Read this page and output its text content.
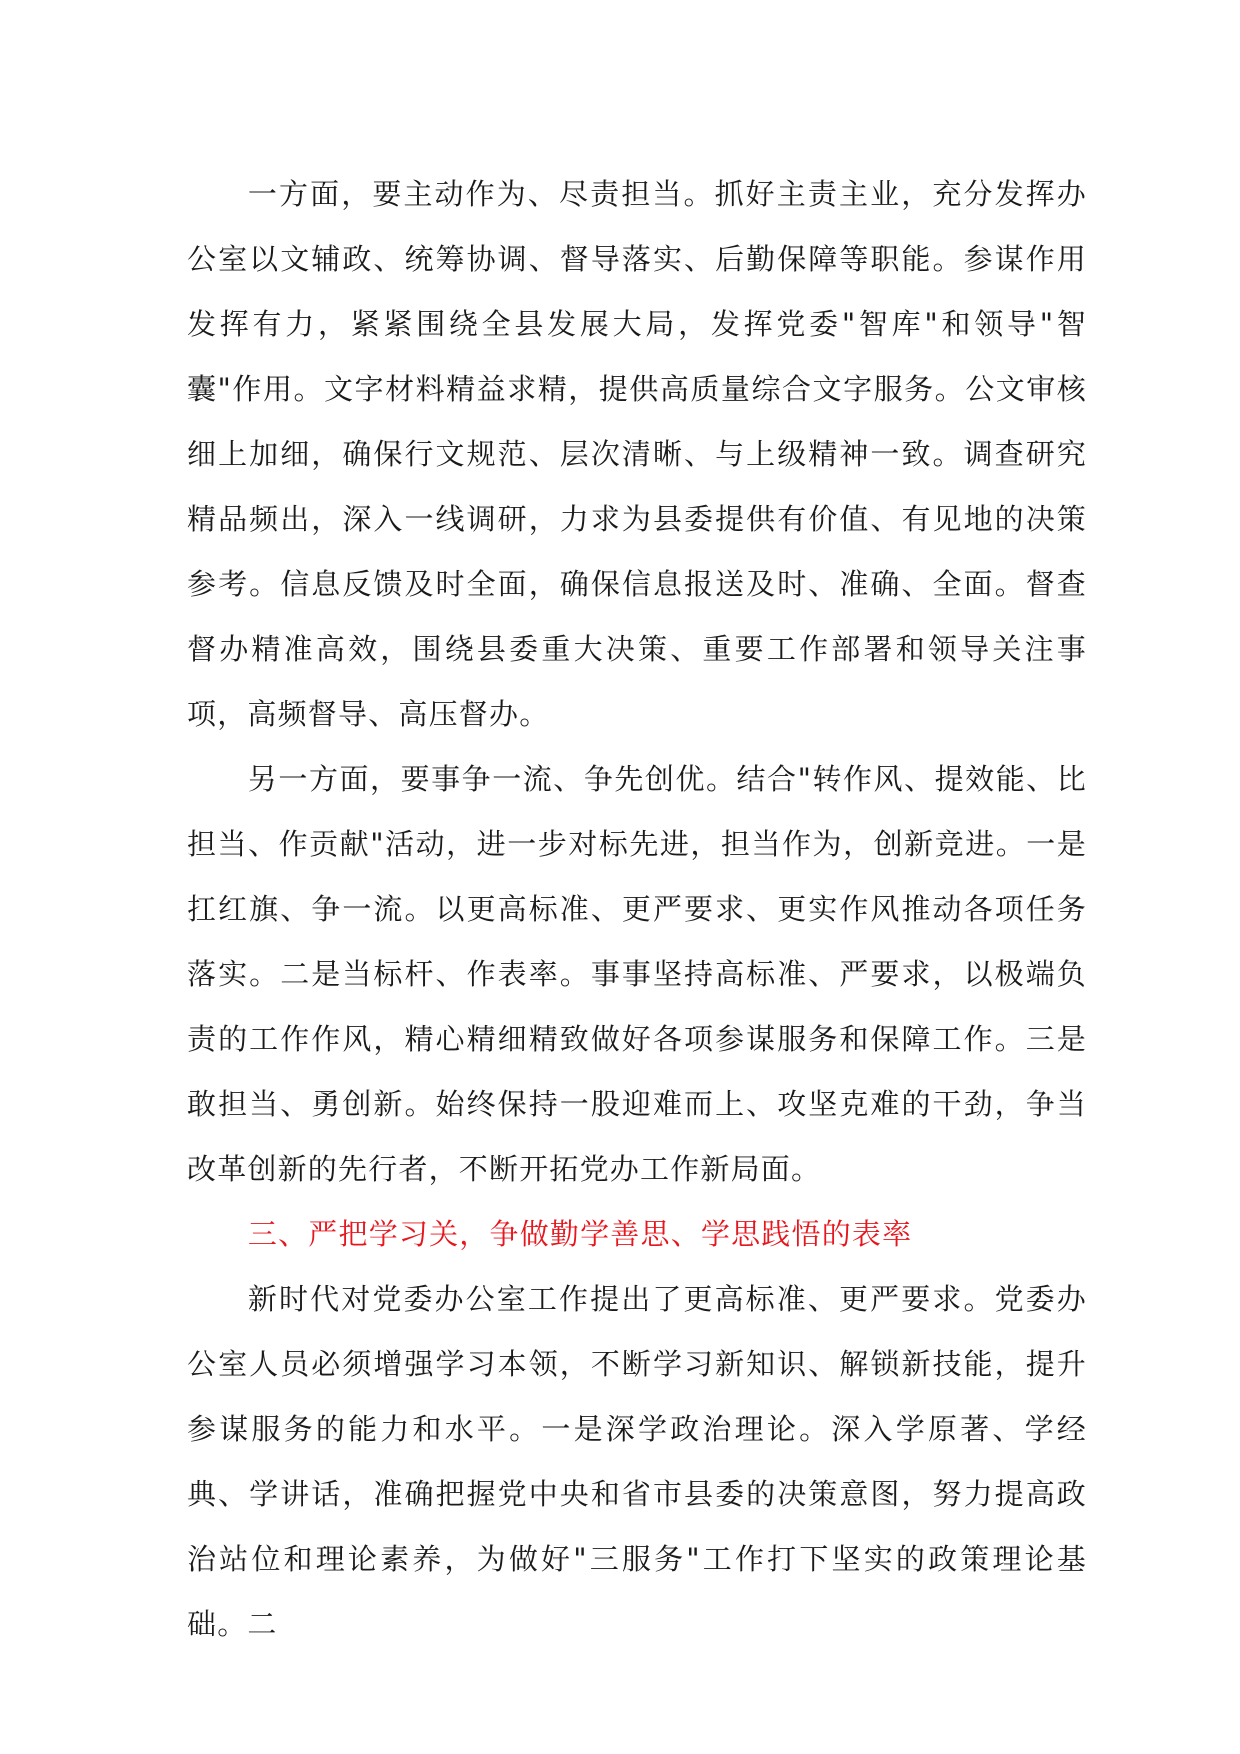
一方面，要主动作为、尽责担当。抓好主责主业，充分发挥办公室以文辅政、统筹协调、督导落实、后勤保障等职能。参谋作用发挥有力，紧紧围绕全县发展大局，发挥党委"智库"和领导"智囊"作用。文字材料精益求精，提供高质量综合文字服务。公文审核细上加细，确保行文规范、层次清晰、与上级精神一致。调查研究精品频出，深入一线调研，力求为县委提供有价值、有见地的决策参考。信息反馈及时全面，确保信息报送及时、准确、全面。督查督办精准高效，围绕县委重大决策、重要工作部署和领导关注事项，高频督导、高压督办。

另一方面，要事争一流、争先创优。结合"转作风、提效能、比担当、作贡献"活动，进一步对标先进，担当作为，创新竞进。一是扛红旗、争一流。以更高标准、更严要求、更实作风推动各项任务落实。二是当标杆、作表率。事事坚持高标准、严要求，以极端负责的工作作风，精心精细精致做好各项参谋服务和保障工作。三是敢担当、勇创新。始终保持一股迎难而上、攻坚克难的干劲，争当改革创新的先行者，不断开拓党办工作新局面。

三、严把学习关，争做勤学善思、学思践悟的表率

新时代对党委办公室工作提出了更高标准、更严要求。党委办公室人员必须增强学习本领，不断学习新知识、解锁新技能，提升参谋服务的能力和水平。一是深学政治理论。深入学原著、学经典、学讲话，准确把握党中央和省市县委的决策意图，努力提高政治站位和理论素养，为做好"三服务"工作打下坚实的政策理论基础。二
